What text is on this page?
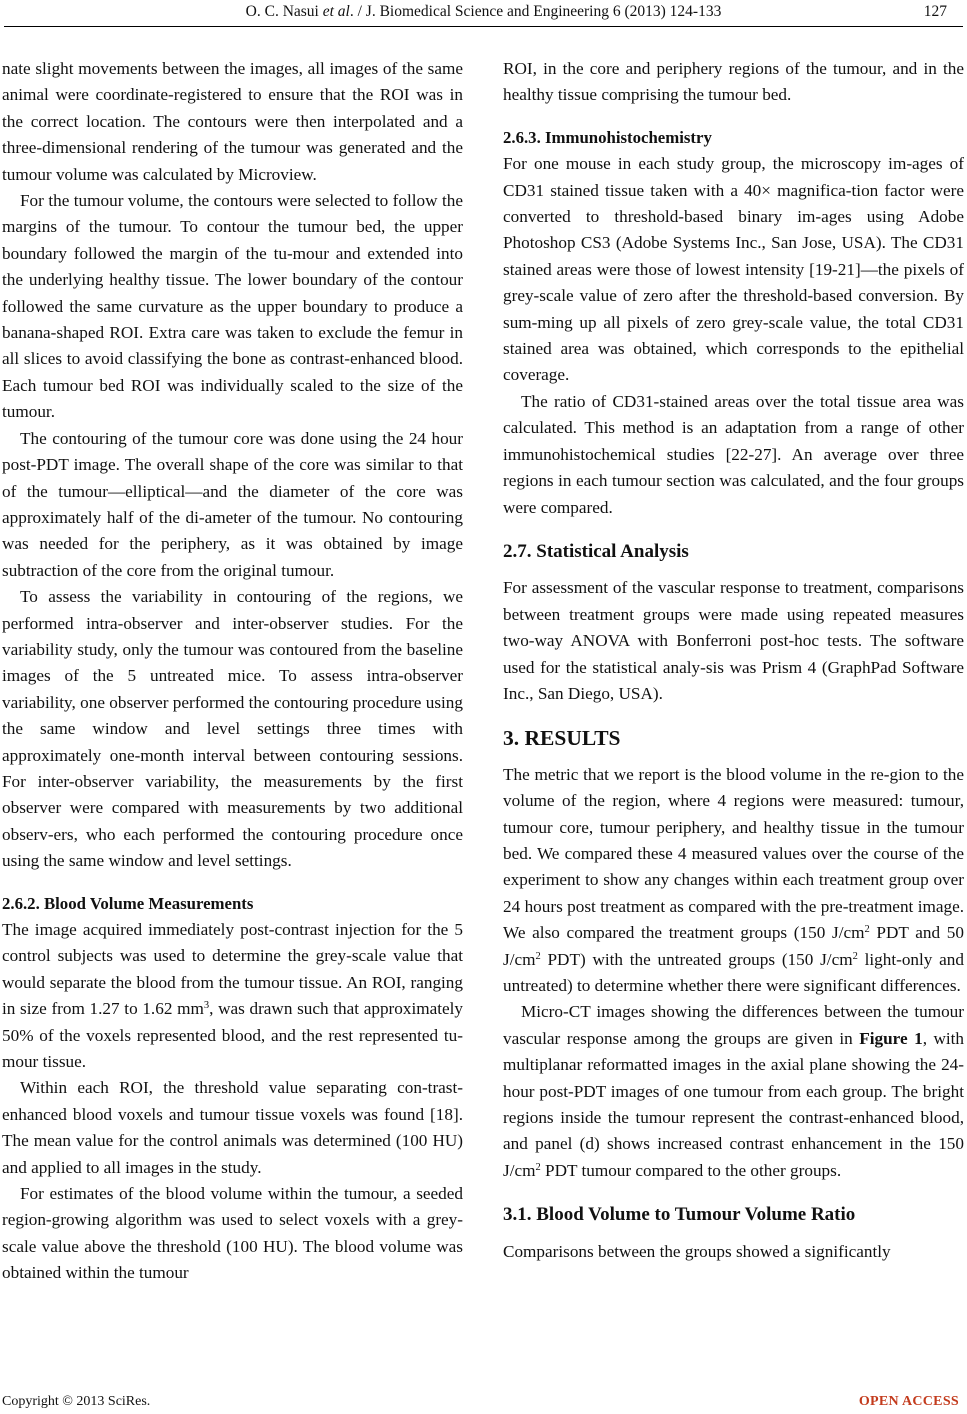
O. C. Nasui et al. / J. Biomedical Science and Engineering 6 (2013) 124-133	127

nate slight movements between the images, all images of the same animal were coordinate-registered to ensure that the ROI was in the correct location. The contours were then interpolated and a three-dimensional rendering of the tumour was generated and the tumour volume was calculated by Microview.

For the tumour volume, the contours were selected to follow the margins of the tumour. To contour the tumour bed, the upper boundary followed the margin of the tu-mour and extended into the underlying healthy tissue. The lower boundary of the contour followed the same curvature as the upper boundary to produce a banana-shaped ROI. Extra care was taken to exclude the femur in all slices to avoid classifying the bone as contrast-enhanced blood. Each tumour bed ROI was individually scaled to the size of the tumour.

The contouring of the tumour core was done using the 24 hour post-PDT image. The overall shape of the core was similar to that of the tumour—elliptical—and the diameter of the core was approximately half of the di-ameter of the tumour. No contouring was needed for the periphery, as it was obtained by image subtraction of the core from the original tumour.

To assess the variability in contouring of the regions, we performed intra-observer and inter-observer studies. For the variability study, only the tumour was contoured from the baseline images of the 5 untreated mice. To assess intra-observer variability, one observer performed the contouring procedure using the same window and level settings three times with approximately one-month interval between contouring sessions. For inter-observer variability, the measurements by the first observer were compared with measurements by two additional observ-ers, who each performed the contouring procedure once using the same window and level settings.

2.6.2. Blood Volume Measurements

The image acquired immediately post-contrast injection for the 5 control subjects was used to determine the grey-scale value that would separate the blood from the tumour tissue. An ROI, ranging in size from 1.27 to 1.62 $mm^3$, was drawn such that approximately 50% of the voxels represented blood, and the rest represented tu-mour tissue.

Within each ROI, the threshold value separating con-trast-enhanced blood voxels and tumour tissue voxels was found [18]. The mean value for the control animals was determined (100 HU) and applied to all images in the study.

For estimates of the blood volume within the tumour, a seeded region-growing algorithm was used to select voxels with a grey-scale value above the threshold (100 HU). The blood volume was obtained within the tumour

ROI, in the core and periphery regions of the tumour, and in the healthy tissue comprising the tumour bed.

2.6.3. Immunohistochemistry

For one mouse in each study group, the microscopy im-ages of CD31 stained tissue taken with a 40× magnifica-tion factor were converted to threshold-based binary im-ages using Adobe Photoshop CS3 (Adobe Systems Inc., San Jose, USA). The CD31 stained areas were those of lowest intensity [19-21]—the pixels of grey-scale value of zero after the threshold-based conversion. By sum-ming up all pixels of zero grey-scale value, the total CD31 stained area was obtained, which corresponds to the epithelial coverage.

The ratio of CD31-stained areas over the total tissue area was calculated. This method is an adaptation from a range of other immunohistochemical studies [22-27]. An average over three regions in each tumour section was calculated, and the four groups were compared.

2.7. Statistical Analysis

For assessment of the vascular response to treatment, comparisons between treatment groups were made using repeated measures two-way ANOVA with Bonferroni post-hoc tests. The software used for the statistical analy-sis was Prism 4 (GraphPad Software Inc., San Diego, USA).

3. RESULTS

The metric that we report is the blood volume in the re-gion to the volume of the region, where 4 regions were measured: tumour, tumour core, tumour periphery, and healthy tissue in the tumour bed. We compared these 4 measured values over the course of the experiment to show any changes within each treatment group over 24 hours post treatment as compared with the pre-treatment image. We also compared the treatment groups (150 $J/cm^2$ PDT and 50 $J/cm^2$ PDT) with the untreated groups (150 $J/cm^2$ light-only and untreated) to determine whether there were significant differences.

Micro-CT images showing the differences between the tumour vascular response among the groups are given in Figure 1, with multiplanar reformatted images in the axial plane showing the 24-hour post-PDT images of one tumour from each group. The bright regions inside the tumour represent the contrast-enhanced blood, and panel (d) shows increased contrast enhancement in the 150 $J/cm^2$ PDT tumour compared to the other groups.

3.1. Blood Volume to Tumour Volume Ratio

Comparisons between the groups showed a significantly

Copyright © 2013 SciRes.	OPEN ACCESS
